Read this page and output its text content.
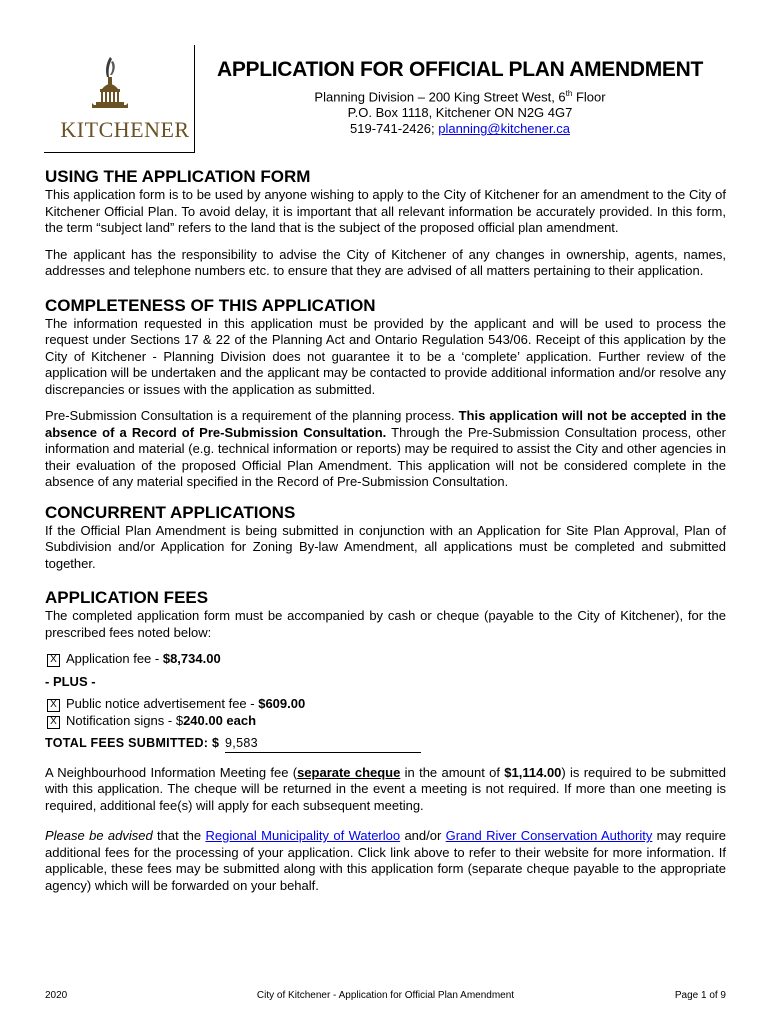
KITCHENER
APPLICATION FOR OFFICIAL PLAN AMENDMENT
Planning Division – 200 King Street West, 6th Floor
P.O. Box 1118, Kitchener ON N2G 4G7
519-741-2426; planning@kitchener.ca
USING THE APPLICATION FORM

This application form is to be used by anyone wishing to apply to the City of Kitchener for an amendment to the City of Kitchener Official Plan. To avoid delay, it is important that all relevant information be accurately provided. In this form, the term “subject land” refers to the land that is the subject of the proposed official plan amendment.

The applicant has the responsibility to advise the City of Kitchener of any changes in ownership, agents, names, addresses and telephone numbers etc. to ensure that they are advised of all matters pertaining to their application.

COMPLETENESS OF THIS APPLICATION

The information requested in this application must be provided by the applicant and will be used to process the request under Sections 17 & 22 of the Planning Act and Ontario Regulation 543/06. Receipt of this application by the City of Kitchener - Planning Division does not guarantee it to be a ‘complete’ application. Further review of the application will be undertaken and the applicant may be contacted to provide additional information and/or resolve any discrepancies or issues with the application as submitted.

Pre-Submission Consultation is a requirement of the planning process. This application will not be accepted in the absence of a Record of Pre-Submission Consultation. Through the Pre-Submission Consultation process, other information and material (e.g. technical information or reports) may be required to assist the City and other agencies in their evaluation of the proposed Official Plan Amendment. This application will not be considered complete in the absence of any material specified in the Record of Pre-Submission Consultation.

CONCURRENT APPLICATIONS

If the Official Plan Amendment is being submitted in conjunction with an Application for Site Plan Approval, Plan of Subdivision and/or Application for Zoning By-law Amendment, all applications must be completed and submitted together.

APPLICATION FEES

The completed application form must be accompanied by cash or cheque (payable to the City of Kitchener), for the prescribed fees noted below:

X Application fee - $8,734.00
- PLUS -
X Public notice advertisement fee - $609.00
X Notification signs - $240.00 each
TOTAL FEES SUBMITTED: $ 9,583

A Neighbourhood Information Meeting fee (separate cheque in the amount of $1,114.00) is required to be submitted with this application. The cheque will be returned in the event a meeting is not required. If more than one meeting is required, additional fee(s) will apply for each subsequent meeting.

Please be advised that the Regional Municipality of Waterloo and/or Grand River Conservation Authority may require additional fees for the processing of your application. Click link above to refer to their website for more information. If applicable, these fees may be submitted along with this application form (separate cheque payable to the appropriate agency) which will be forwarded on your behalf.

2020	City of Kitchener - Application for Official Plan Amendment	Page 1 of 9
